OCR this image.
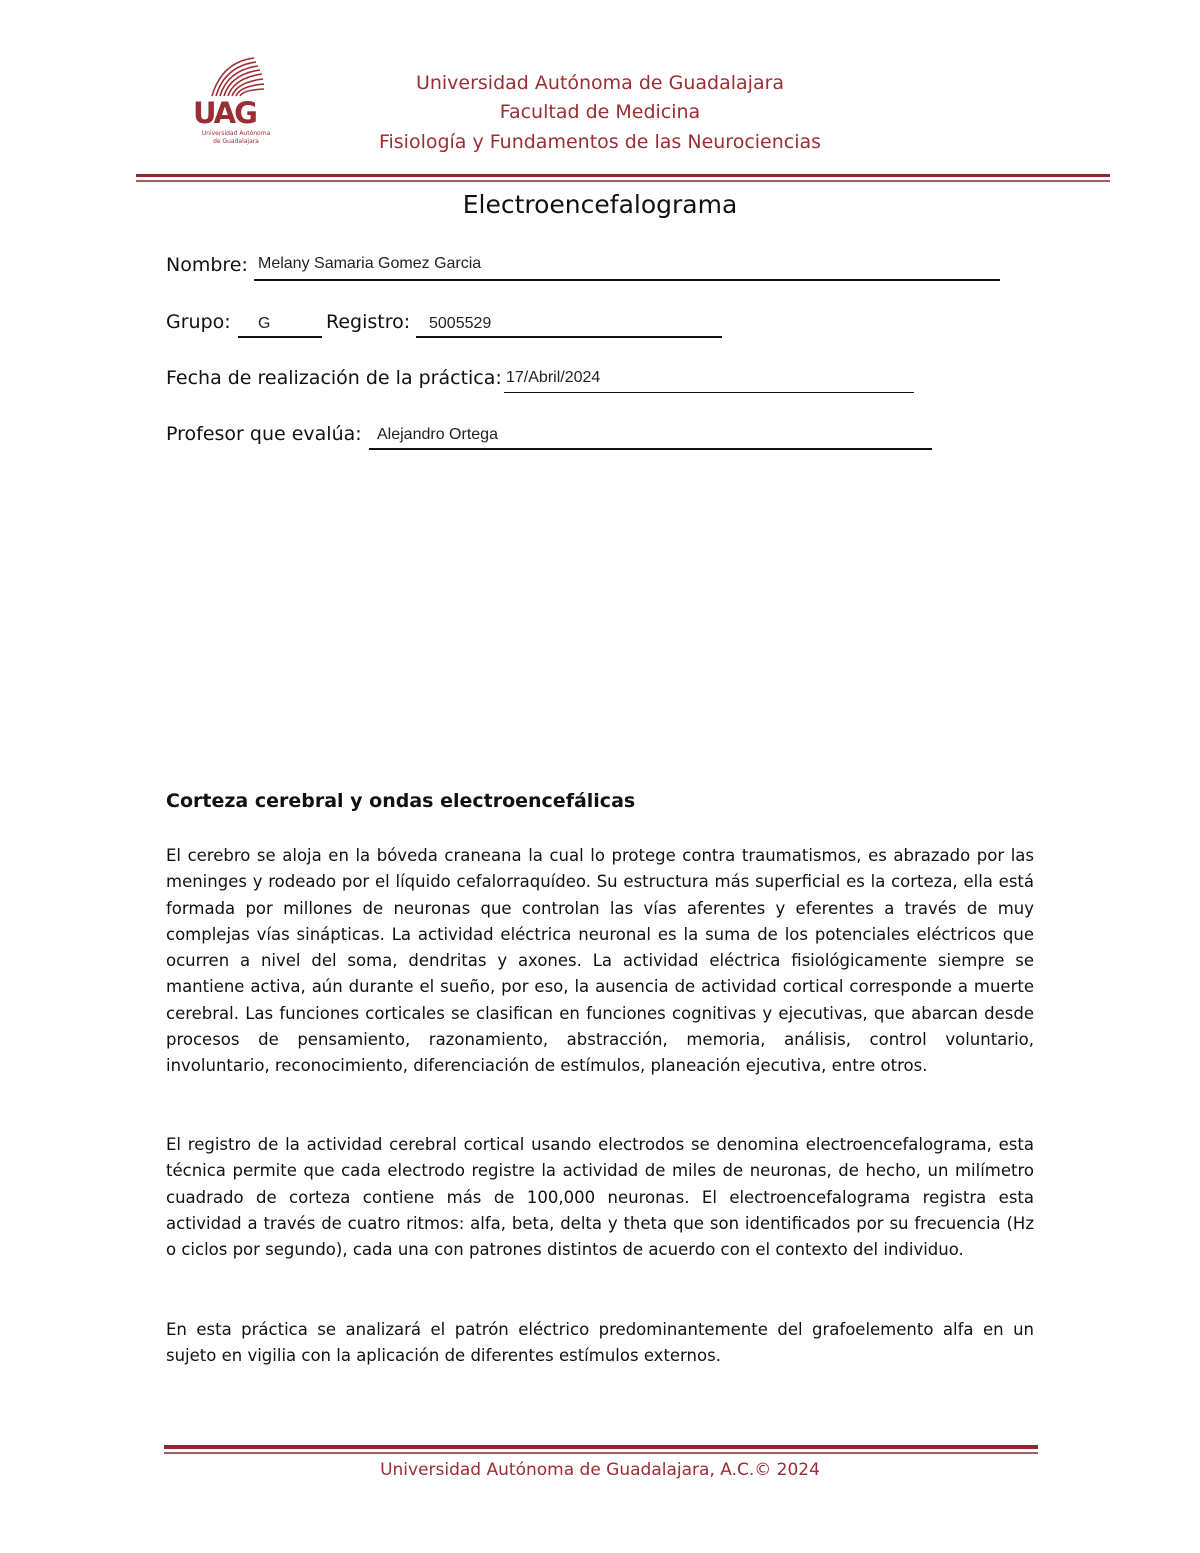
UAG
Universidad Autónoma
de Guadalajara
Universidad Autónoma de Guadalajara
Facultad de Medicina
Fisiología y Fundamentos de las Neurociencias
Electroencefalograma
Nombre: Melany Samaria Gomez Garcia
Grupo: G	Registro: 5005529
Fecha de realización de la práctica: 17/Abril/2024
Profesor que evalúa: Alejandro Ortega
Corteza cerebral y ondas electroencefálicas

El cerebro se aloja en la bóveda craneana la cual lo protege contra traumatismos, es abrazado por las meninges y rodeado por el líquido cefalorraquídeo. Su estructura más superficial es la corteza, ella está formada por millones de neuronas que controlan las vías aferentes y eferentes a través de muy complejas vías sinápticas. La actividad eléctrica neuronal es la suma de los potenciales eléctricos que ocurren a nivel del soma, dendritas y axones. La actividad eléctrica fisiológicamente siempre se mantiene activa, aún durante el sueño, por eso, la ausencia de actividad cortical corresponde a muerte cerebral. Las funciones corticales se clasifican en funciones cognitivas y ejecutivas, que abarcan desde procesos de pensamiento, razonamiento, abstracción, memoria, análisis, control voluntario, involuntario, reconocimiento, diferenciación de estímulos, planeación ejecutiva, entre otros.

El registro de la actividad cerebral cortical usando electrodos se denomina electroencefalograma, esta técnica permite que cada electrodo registre la actividad de miles de neuronas, de hecho, un milímetro cuadrado de corteza contiene más de 100,000 neuronas. El electroencefalograma registra esta actividad a través de cuatro ritmos: alfa, beta, delta y theta que son identificados por su frecuencia (Hz o ciclos por segundo), cada una con patrones distintos de acuerdo con el contexto del individuo.

En esta práctica se analizará el patrón eléctrico predominantemente del grafoelemento alfa en un sujeto en vigilia con la aplicación de diferentes estímulos externos.

Universidad Autónoma de Guadalajara, A.C.© 2024
